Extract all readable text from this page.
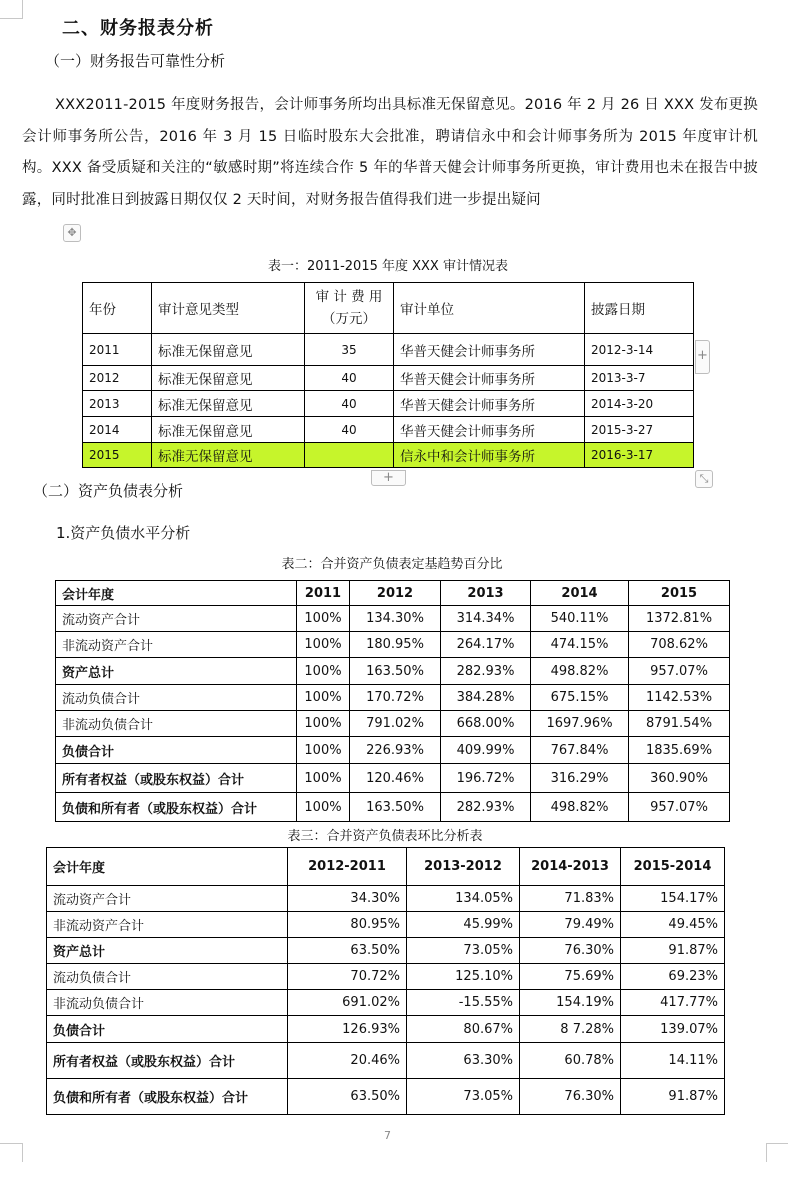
二、财务报表分析
（一）财务报告可靠性分析
XXX2011-2015 年度财务报告，会计师事务所均出具标准无保留意见。2016 年 2 月 26 日 XXX 发布更换会计师事务所公告，2016 年 3 月 15 日临时股东大会批准，聘请信永中和会计师事务所为 2015 年度审计机构。XXX 备受质疑和关注的“敏感时期”将连续合作 5 年的华普天健会计师事务所更换，审计费用也未在报告中披露，同时批准日到披露日期仅仅 2 天时间，对财务报告值得我们进一步提出疑问
✥
表一：2011-2015 年度 XXX 审计情况表
年份	审计意见类型	审 计 费 用（万元）	审计单位	披露日期
2011	标准无保留意见	35	华普天健会计师事务所	2012-3-14
2012	标准无保留意见	40	华普天健会计师事务所	2013-3-7
2013	标准无保留意见	40	华普天健会计师事务所	2014-3-20
2014	标准无保留意见	40	华普天健会计师事务所	2015-3-27
2015	标准无保留意见		信永中和会计师事务所	2016-3-17
+
+	⤡
（二）资产负债表分析
1.资产负债水平分析
表二：合并资产负债表定基趋势百分比
会计年度	2011	2012	2013	2014	2015
流动资产合计	100%	134.30%	314.34%	540.11%	1372.81%
非流动资产合计	100%	180.95%	264.17%	474.15%	708.62%
资产总计	100%	163.50%	282.93%	498.82%	957.07%
流动负债合计	100%	170.72%	384.28%	675.15%	1142.53%
非流动负债合计	100%	791.02%	668.00%	1697.96%	8791.54%
负债合计	100%	226.93%	409.99%	767.84%	1835.69%
所有者权益（或股东权益）合计	100%	120.46%	196.72%	316.29%	360.90%
负债和所有者（或股东权益）合计	100%	163.50%	282.93%	498.82%	957.07%
表三：合并资产负债表环比分析表
会计年度	2012-2011	2013-2012	2014-2013	2015-2014
流动资产合计	34.30%	134.05%	71.83%	154.17%
非流动资产合计	80.95%	45.99%	79.49%	49.45%
资产总计	63.50%	73.05%	76.30%	91.87%
流动负债合计	70.72%	125.10%	75.69%	69.23%
非流动负债合计	691.02%	-15.55%	154.19%	417.77%
负债合计	126.93%	80.67%	8 7.28%	139.07%
所有者权益（或股东权益）合计	20.46%	63.30%	60.78%	14.11%
负债和所有者（或股东权益）合计	63.50%	73.05%	76.30%	91.87%
7
